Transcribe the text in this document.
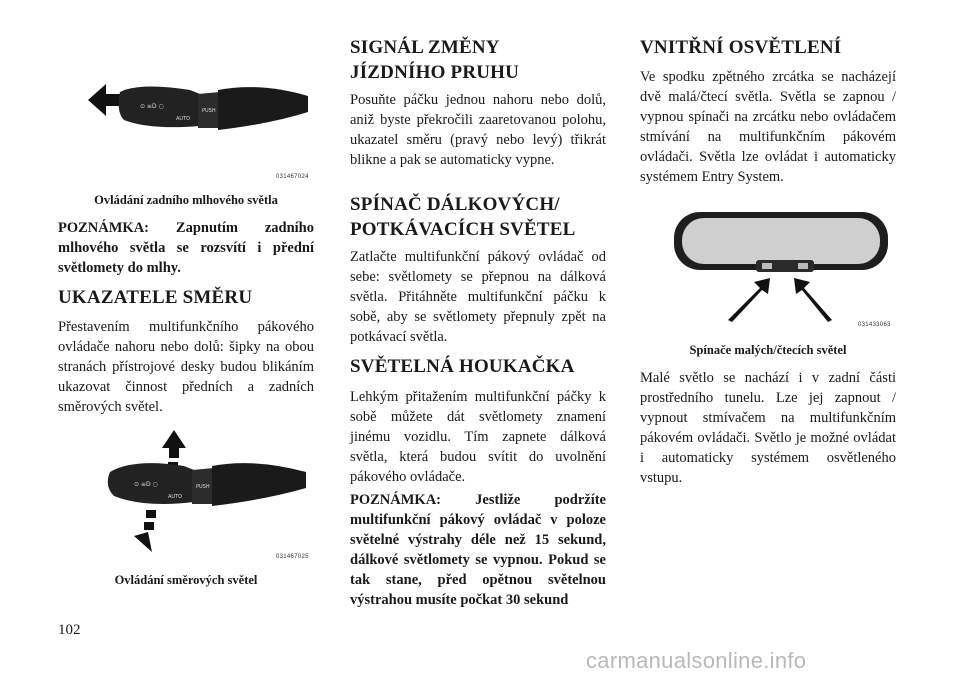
⊙ ≡D ○
AUTO
PUSH
031467024
Ovládání zadního mlhového světla
POZNÁMKA: Zapnutím zadního mlhového světla se rozsvítí i přední světlomety do mlhy.
UKAZATELE SMĚRU
Přestavením multifunkčního pákového ovládače nahoru nebo dolů: šipky na obou stranách přístrojové desky budou blikáním ukazovat činnost předních a zadních směrových světel.
⊙ ≡D ○
AUTO
PUSH
031467025
Ovládání směrových světel
SIGNÁL ZMĚNY JÍZDNÍHO PRUHU
Posuňte páčku jednou nahoru nebo dolů, aniž byste překročili zaaretovanou polohu, ukazatel směru (pravý nebo levý) třikrát blikne a pak se automaticky vypne.
SPÍNAČ DÁLKOVÝCH/ POTKÁVACÍCH SVĚTEL
Zatlačte multifunkční pákový ovládač od sebe: světlomety se přepnou na dálková světla. Přitáhněte multifunkční páčku k sobě, aby se světlomety přepnuly zpět na potkávací světla.
SVĚTELNÁ HOUKAČKA
Lehkým přitažením multifunkční páčky k sobě můžete dát světlomety znamení jinému vozidlu. Tím zapnete dálková světla, která budou svítit do uvolnění pákového ovládače.
POZNÁMKA: Jestliže podržíte multifunkční pákový ovládač v poloze světelné výstrahy déle než 15 sekund, dálkové světlomety se vypnou. Pokud se tak stane, před opětnou světelnou výstrahou musíte počkat 30 sekund
VNITŘNÍ OSVĚTLENÍ
Ve spodku zpětného zrcátka se nacházejí dvě malá/čtecí světla. Světla se zapnou / vypnou spínači na zrcátku nebo ovládačem stmívání na multifunkčním pákovém ovládači. Světla lze ovládat i automaticky systémem Entry System.
031433063
Spínače malých/čtecích světel
Malé světlo se nachází i v zadní části prostředního tunelu. Lze jej zapnout / vypnout stmívačem na multifunkčním pákovém ovládači. Světlo je možné ovládat i automaticky systémem osvětleného vstupu.
102
carmanualsonline.info
